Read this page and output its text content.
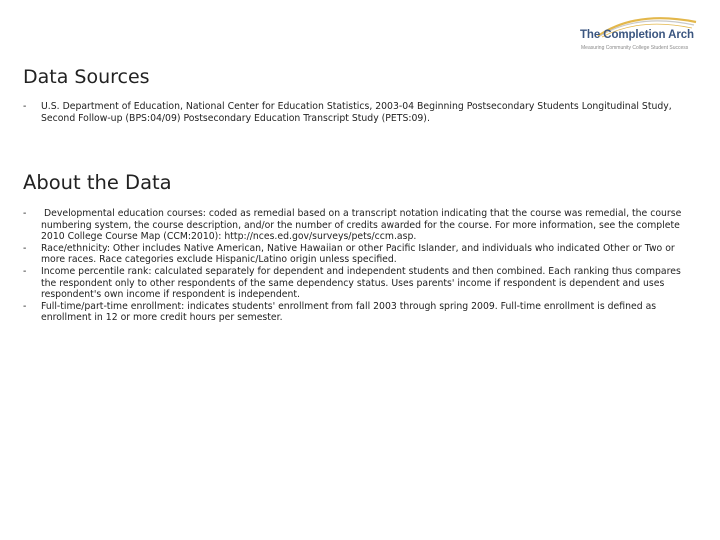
The Completion Arch
Measuring Community College Student Success
Data Sources
- U.S. Department of Education, National Center for Education Statistics, 2003-04 Beginning Postsecondary Students Longitudinal Study, Second Follow-up (BPS:04/09) Postsecondary Education Transcript Study (PETS:09).
About the Data
- Developmental education courses: coded as remedial based on a transcript notation indicating that the course was remedial, the course numbering system, the course description, and/or the number of credits awarded for the course. For more information, see the complete 2010 College Course Map (CCM:2010): http://nces.ed.gov/surveys/pets/ccm.asp.
- Race/ethnicity: Other includes Native American, Native Hawaiian or other Pacific Islander, and individuals who indicated Other or Two or more races. Race categories exclude Hispanic/Latino origin unless specified.
- Income percentile rank: calculated separately for dependent and independent students and then combined. Each ranking thus compares the respondent only to other respondents of the same dependency status. Uses parents' income if respondent is dependent and uses respondent's own income if respondent is independent.
- Full-time/part-time enrollment: indicates students' enrollment from fall 2003 through spring 2009. Full-time enrollment is defined as enrollment in 12 or more credit hours per semester.
